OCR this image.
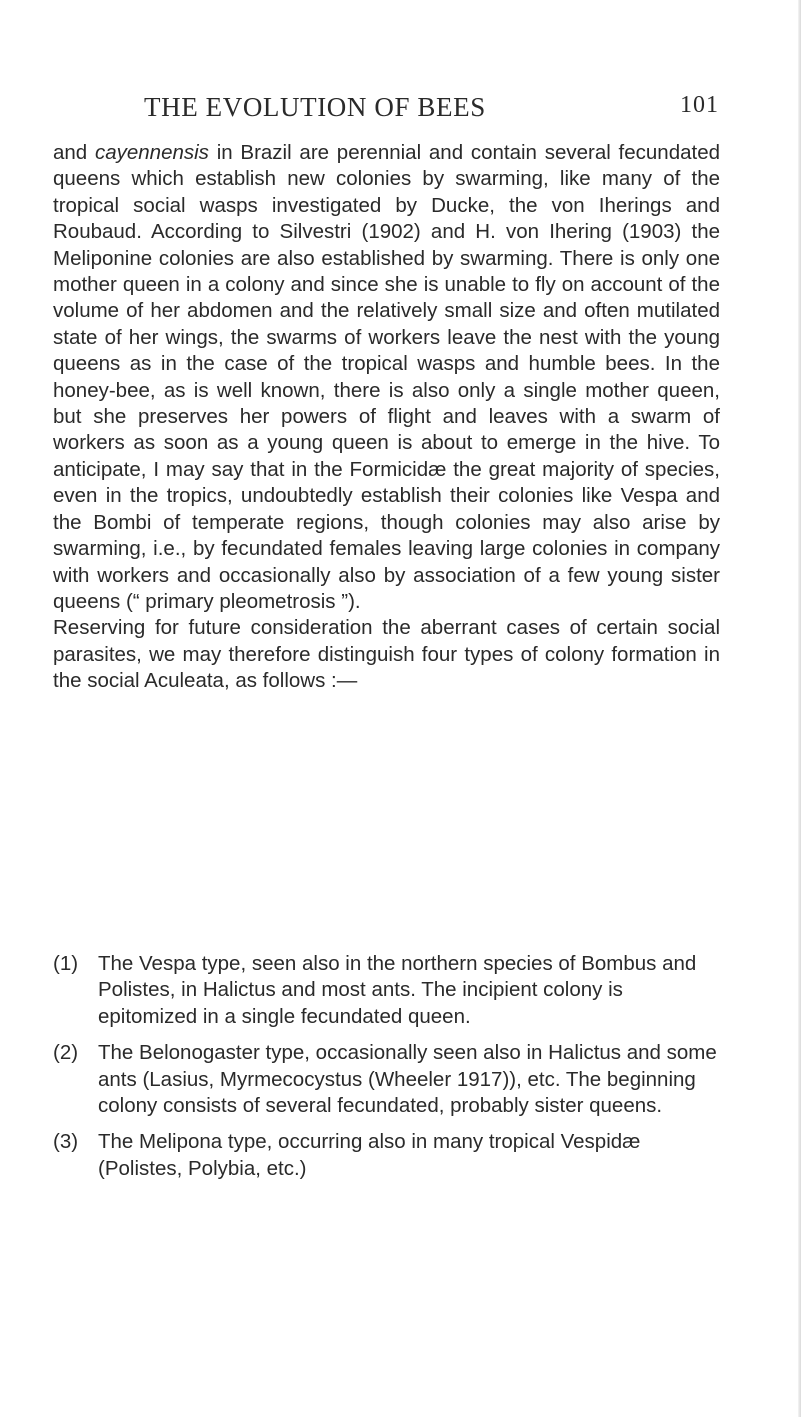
THE EVOLUTION OF BEES	101

and cayennensis in Brazil are perennial and contain several fecundated queens which establish new colonies by swarming, like many of the tropical social wasps investigated by Ducke, the von Iherings and Roubaud. According to Silvestri (1902) and H. von Ihering (1903) the Meliponine colonies are also established by swarming. There is only one mother queen in a colony and since she is unable to fly on account of the volume of her abdomen and the relatively small size and often mutilated state of her wings, the swarms of workers leave the nest with the young queens as in the case of the tropical wasps and humble bees. In the honey-bee, as is well known, there is also only a single mother queen, but she preserves her powers of flight and leaves with a swarm of workers as soon as a young queen is about to emerge in the hive. To anticipate, I may say that in the Formicidæ the great majority of species, even in the tropics, undoubtedly establish their colonies like Vespa and the Bombi of temperate regions, though colonies may also arise by swarming, i.e., by fecundated females leaving large colonies in company with workers and occasionally also by association of a few young sister queens (“ primary pleometrosis ”).

Reserving for future consideration the aberrant cases of certain social parasites, we may therefore distinguish four types of colony formation in the social Aculeata, as follows :—

(1) The Vespa type, seen also in the northern species of Bombus and Polistes, in Halictus and most ants. The incipient colony is epitomized in a single fecundated queen.
(2) The Belonogaster type, occasionally seen also in Halictus and some ants (Lasius, Myrmecocystus (Wheeler 1917)), etc. The beginning colony consists of several fecundated, probably sister queens.
(3) The Melipona type, occurring also in many tropical Vespidæ (Polistes, Polybia, etc.)
